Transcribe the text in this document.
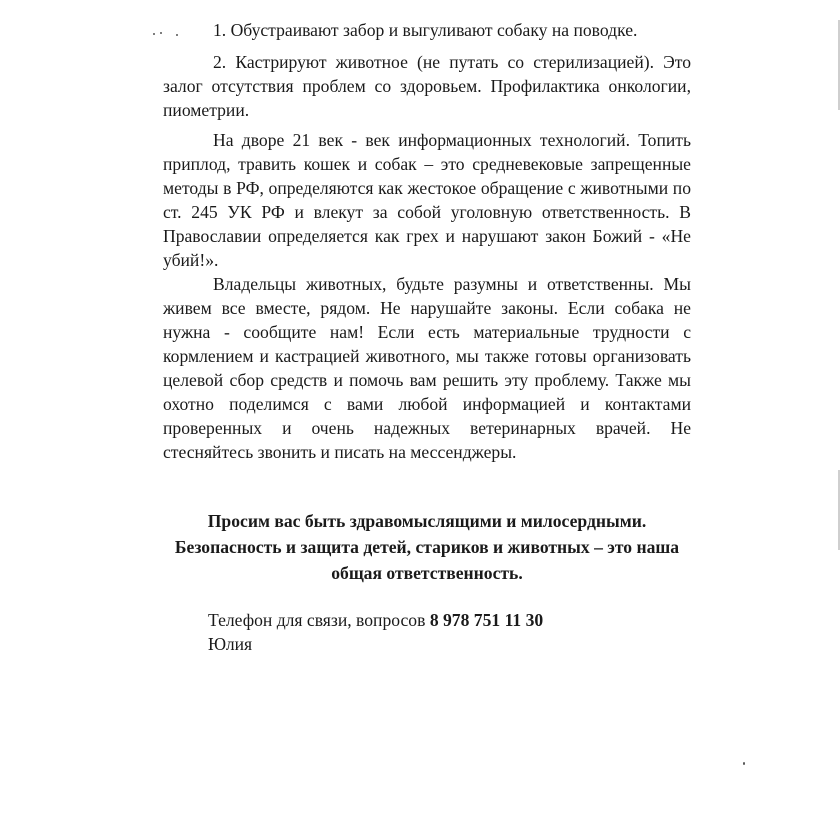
1. Обустраивают забор и выгуливают собаку на поводке.

2. Кастрируют животное (не путать со стерилизацией). Это залог отсутствия проблем со здоровьем. Профилактика онкологии, пиометрии.

На дворе 21 век - век информационных технологий. Топить приплод, травить кошек и собак – это средневековые запрещенные методы в РФ, определяются как жестокое обращение с животными по ст. 245 УК РФ и влекут за собой уголовную ответственность. В Православии определяется как грех и нарушают закон Божий - «Не убий!».

Владельцы животных, будьте разумны и ответственны. Мы живем все вместе, рядом. Не нарушайте законы. Если собака не нужна - сообщите нам! Если есть материальные трудности с кормлением и кастрацией животного, мы также готовы организовать целевой сбор средств и помочь вам решить эту проблему. Также мы охотно поделимся с вами любой информацией и контактами проверенных и очень надежных ветеринарных врачей. Не стесняйтесь звонить и писать на мессенджеры.

Просим вас быть здравомыслящими и милосердными. Безопасность и защита детей, стариков и животных – это наша общая ответственность.

Телефон для связи, вопросов 8 978 751 11 30
Юлия
